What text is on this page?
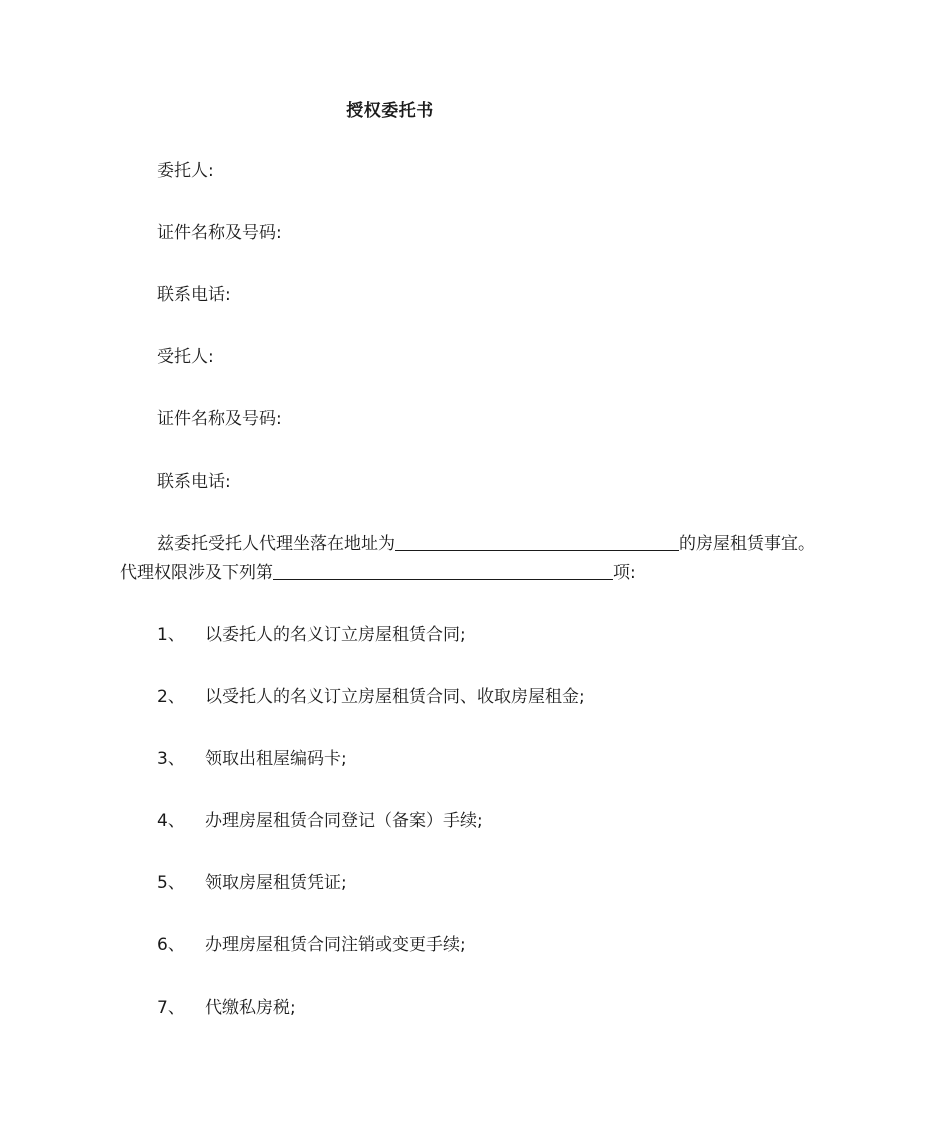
授权委托书
委托人:
证件名称及号码:
联系电话:
受托人:
证件名称及号码:
联系电话:
兹委托受托人代理坐落在地址为	的房屋租赁事宜。
代理权限涉及下列第	项:
1、 以委托人的名义订立房屋租赁合同;
2、 以受托人的名义订立房屋租赁合同、收取房屋租金;
3、 领取出租屋编码卡;
4、 办理房屋租赁合同登记（备案）手续;
5、 领取房屋租赁凭证;
6、 办理房屋租赁合同注销或变更手续;
7、 代缴私房税;
